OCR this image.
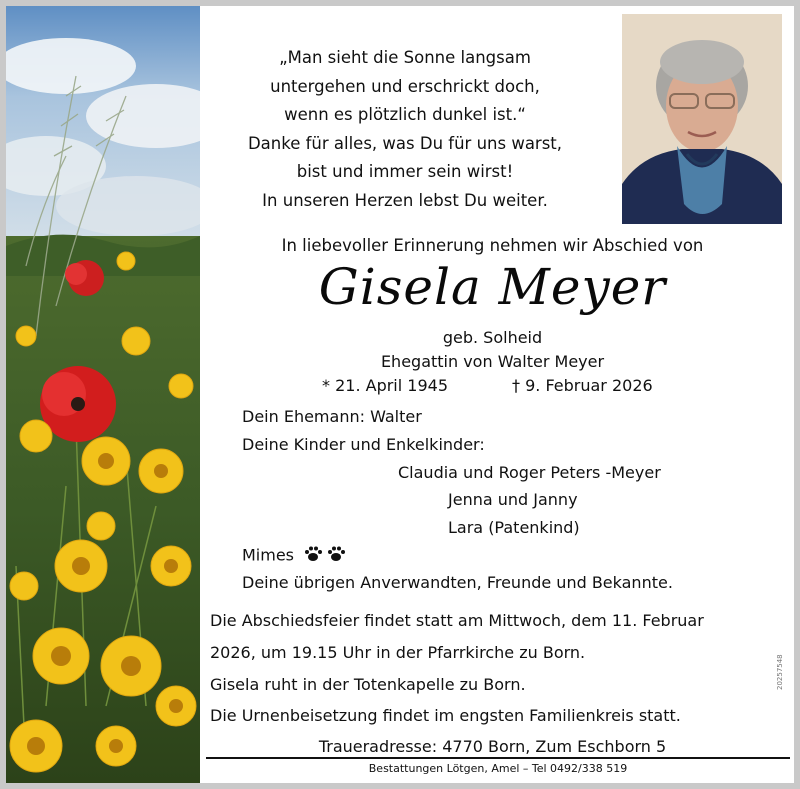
„Man sieht die Sonne langsam
untergehen und erschrickt doch,
wenn es plötzlich dunkel ist.“
Danke für alles, was Du für uns warst,
bist und immer sein wirst!
In unseren Herzen lebst Du weiter.
In liebevoller Erinnerung nehmen wir Abschied von
Gisela Meyer
geb. Solheid
Ehegattin von Walter Meyer
* 21. April 1945	† 9. Februar 2026
Dein Ehemann: Walter
Deine Kinder und Enkelkinder:
Claudia und Roger Peters -Meyer
Jenna und Janny
Lara (Patenkind)
Mimes
Deine übrigen Anverwandten, Freunde und Bekannte.
Die Abschiedsfeier findet statt am Mittwoch, dem 11. Februar
2026, um 19.15 Uhr in der Pfarrkirche zu Born.
Gisela ruht in der Totenkapelle zu Born.
Die Urnenbeisetzung findet im engsten Familienkreis statt.
Traueradresse: 4770 Born, Zum Eschborn 5
Bestattungen Lötgen, Amel – Tel 0492/338 519
20257548
